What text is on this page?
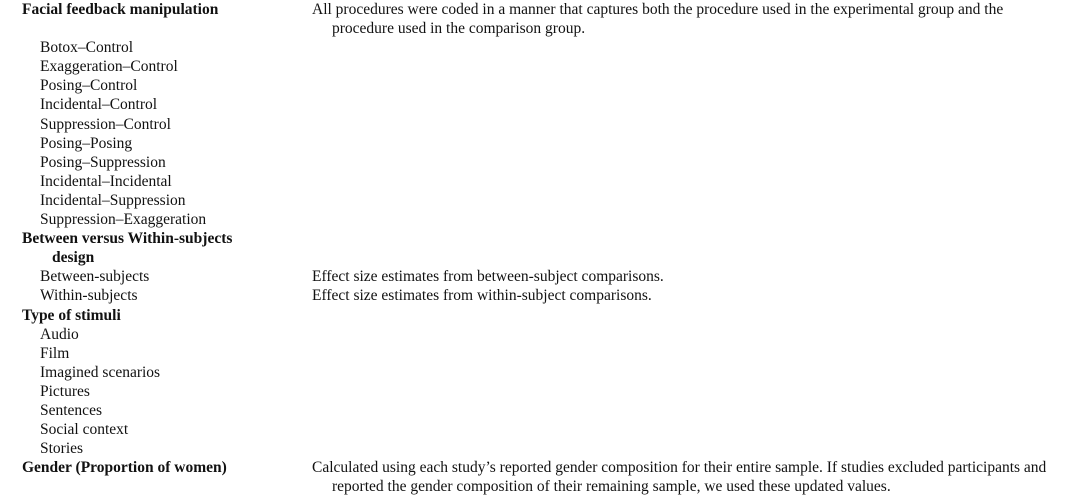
Facial feedback manipulation	All procedures were coded in a manner that captures both the procedure used in the experimental group and the procedure used in the comparison group.

Botox–Control

Exaggeration–Control

Posing–Control

Incidental–Control

Suppression–Control

Posing–Posing

Posing–Suppression

Incidental–Incidental

Incidental–Suppression

Suppression–Exaggeration

Between versus Within-subjects
design

Between-subjects	Effect size estimates from between-subject comparisons.

Within-subjects	Effect size estimates from within-subject comparisons.

Type of stimuli

Audio

Film

Imagined scenarios

Pictures

Sentences

Social context

Stories

Gender (Proportion of women)	Calculated using each study’s reported gender composition for their entire sample. If studies excluded participants and reported the gender composition of their remaining sample, we used these updated values.
